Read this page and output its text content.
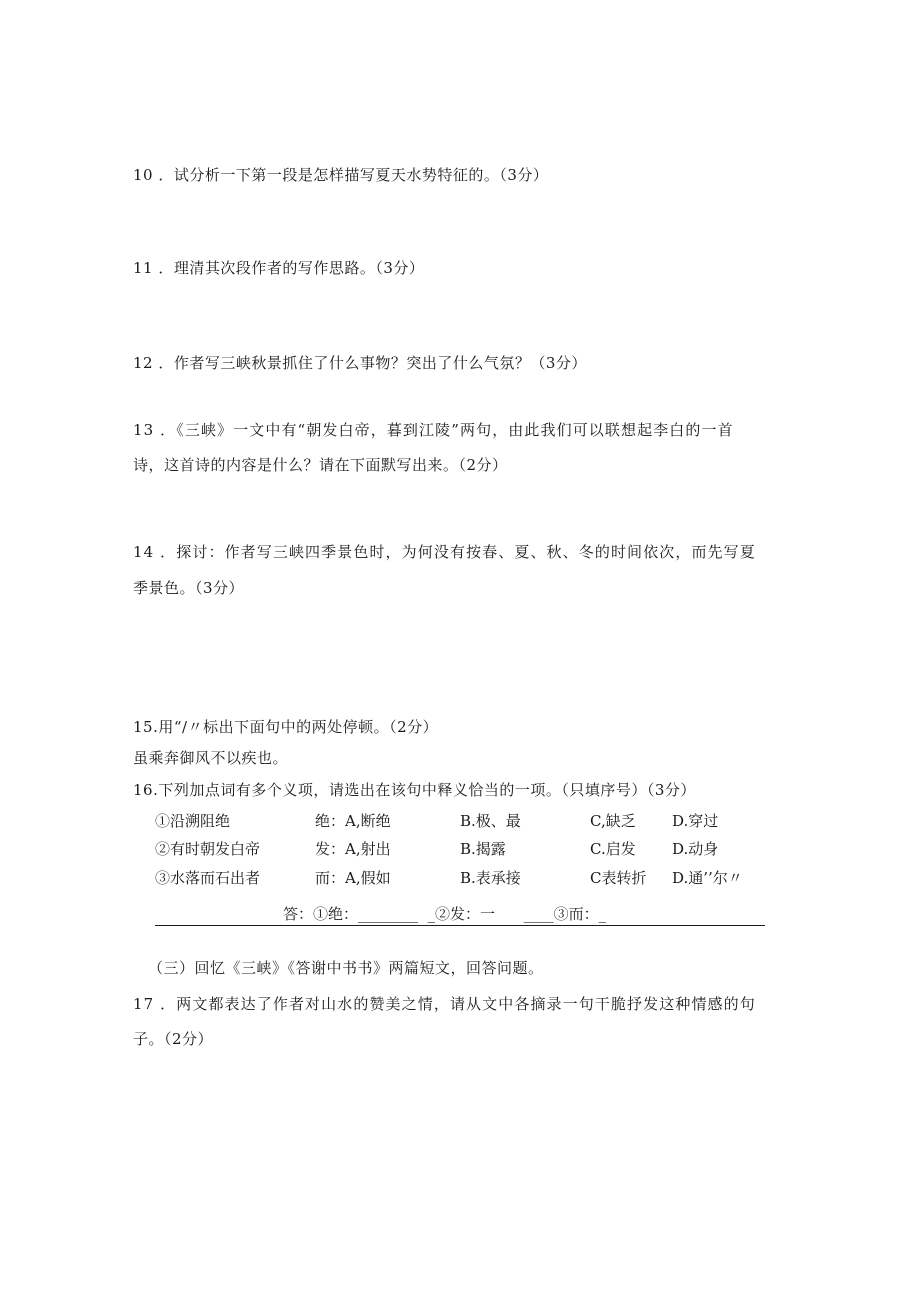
10 ．试分析一下第一段是怎样描写夏天水势特征的。（3分）
11 ．理清其次段作者的写作思路。（3分）
12 ．作者写三峡秋景抓住了什么事物？突出了什么气氛？（3分）
13 ．《三峡》一文中有“朝发白帝，暮到江陵”两句，由此我们可以联想起李白的一首
诗，这首诗的内容是什么？请在下面默写出来。（2分）
14 ．探讨：作者写三峡四季景色时，为何没有按春、夏、秋、冬的时间依次，而先写夏
季景色。（3分）
15.用“/〃标出下面句中的两处停顿。（2分）
虽乘奔御风不以疾也。
16.下列加点词有多个义项，请选出在该句中释义恰当的一项。（只填序号）（3分）
①沿溯阻绝	绝：A,断绝	B.极、最	C,缺乏 D.穿过
②有时朝发白帝	发：A,射出	B.揭露	C.启发 D.动身
③水落而石出者	而：A,假如	B.表承接	C表转折 D.通’’尔〃
答：①绝：________  _②发：一      ____③而：_
（三）回忆《三峡》《答谢中书书》两篇短文，回答问题。
17 ．两文都表达了作者对山水的赞美之情，请从文中各摘录一句干脆抒发这种情感的句
子。（2分）
